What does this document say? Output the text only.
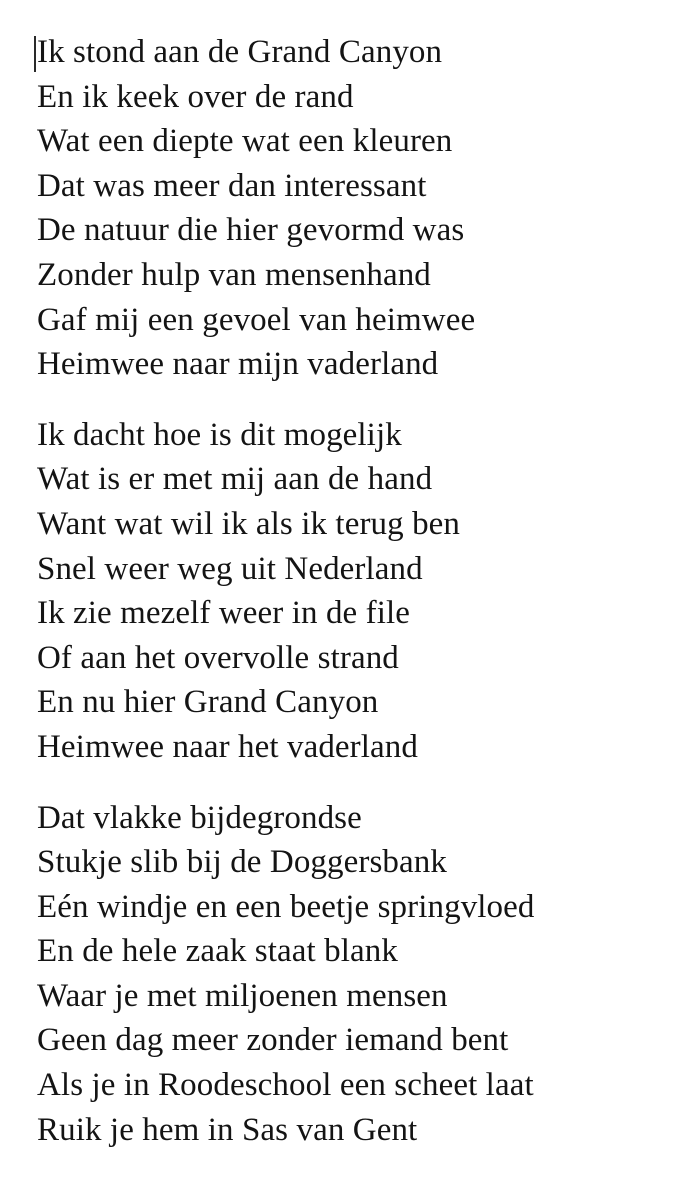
Ik stond aan de Grand Canyon
En ik keek over de rand
Wat een diepte wat een kleuren
Dat was meer dan interessant
De natuur die hier gevormd was
Zonder hulp van mensenhand
Gaf mij een gevoel van heimwee
Heimwee naar mijn vaderland
Ik dacht hoe is dit mogelijk
Wat is er met mij aan de hand
Want wat wil ik als ik terug ben
Snel weer weg uit Nederland
Ik zie mezelf weer in de file
Of aan het overvolle strand
En nu hier Grand Canyon
Heimwee naar het vaderland
Dat vlakke bijdegrondse
Stukje slib bij de Doggersbank
Eén windje en een beetje springvloed
En de hele zaak staat blank
Waar je met miljoenen mensen
Geen dag meer zonder iemand bent
Als je in Roodeschool een scheet laat
Ruik je hem in Sas van Gent
